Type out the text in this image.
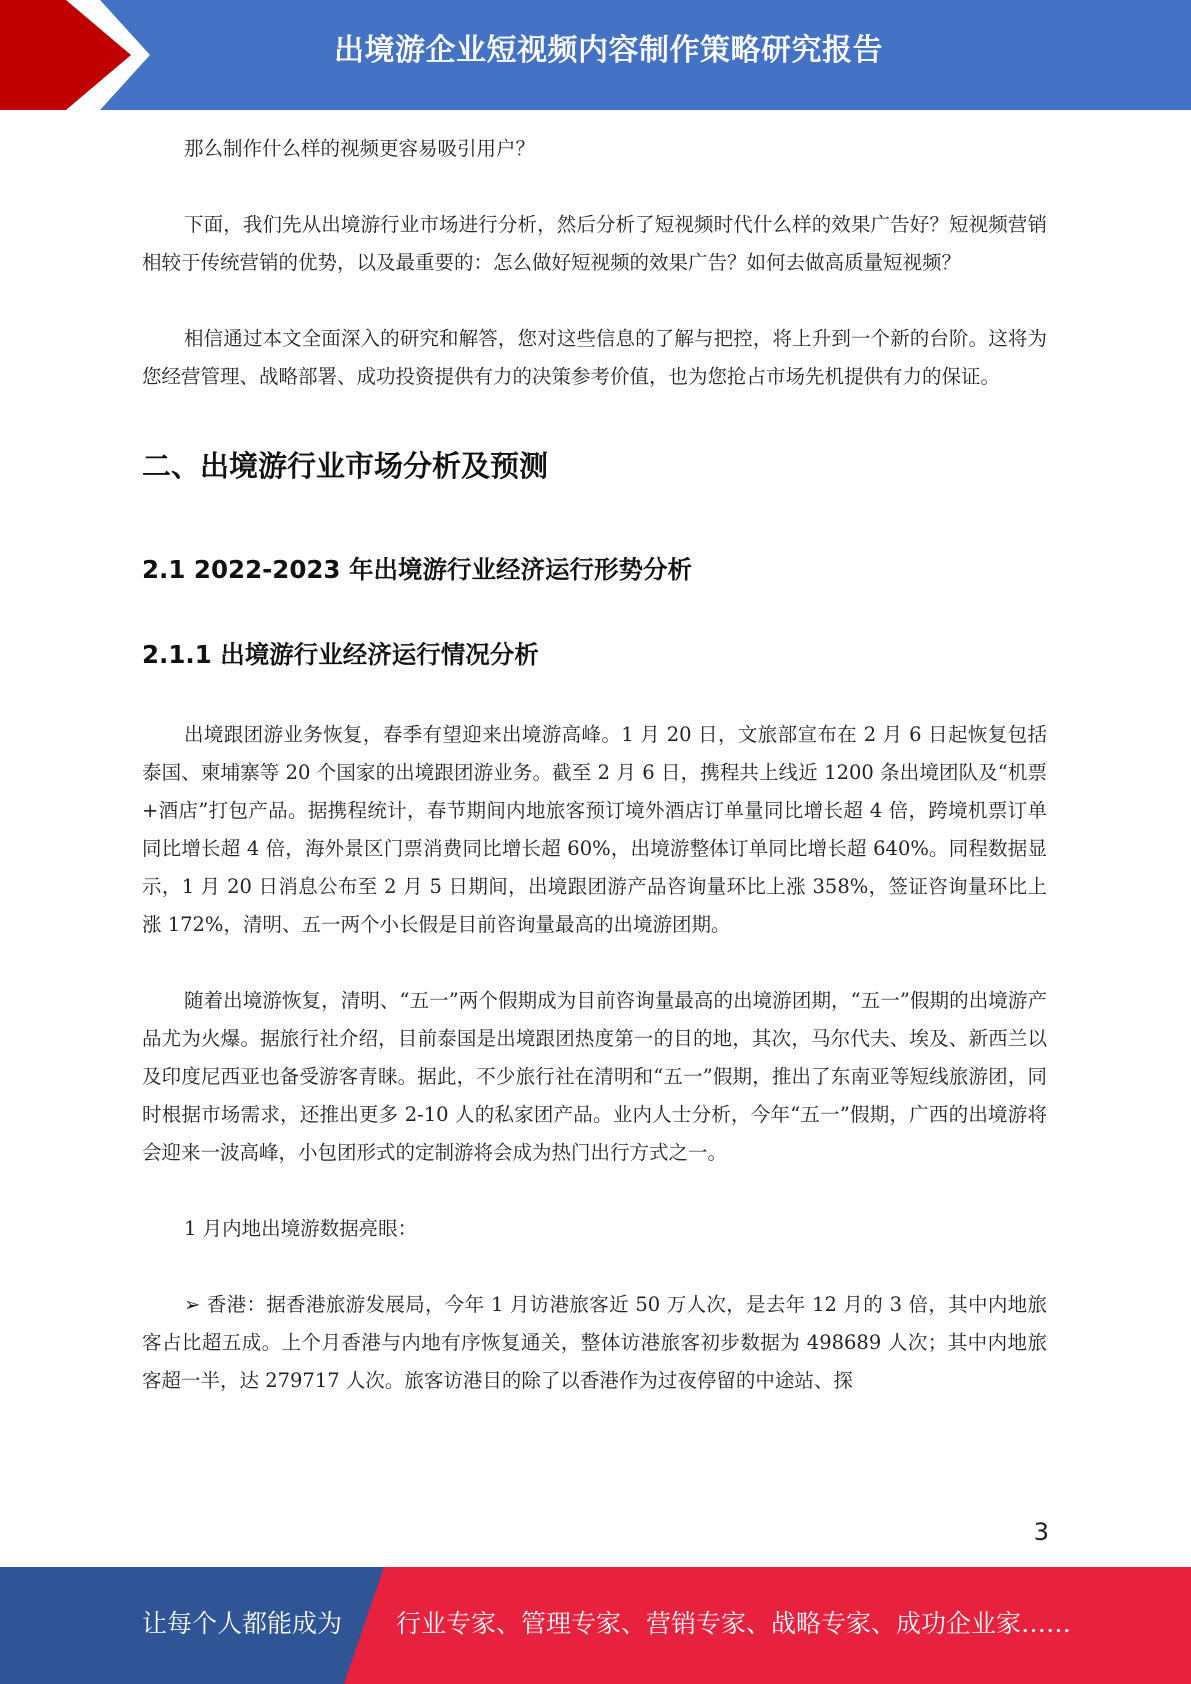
出境游企业短视频内容制作策略研究报告

那么制作什么样的视频更容易吸引用户？

下面，我们先从出境游行业市场进行分析，然后分析了短视频时代什么样的效果广告好？短视频营销相较于传统营销的优势，以及最重要的：怎么做好短视频的效果广告？如何去做高质量短视频？

相信通过本文全面深入的研究和解答，您对这些信息的了解与把控，将上升到一个新的台阶。这将为您经营管理、战略部署、成功投资提供有力的决策参考价值，也为您抢占市场先机提供有力的保证。

二、出境游行业市场分析及预测
2.1 2022-2023 年出境游行业经济运行形势分析
2.1.1 出境游行业经济运行情况分析

出境跟团游业务恢复，春季有望迎来出境游高峰。1 月 20 日，文旅部宣布在 2 月 6 日起恢复包括泰国、柬埔寨等 20 个国家的出境跟团游业务。截至 2 月 6 日，携程共上线近 1200 条出境团队及“机票+酒店”打包产品。据携程统计，春节期间内地旅客预订境外酒店订单量同比增长超 4 倍，跨境机票订单同比增长超 4 倍，海外景区门票消费同比增长超 60%，出境游整体订单同比增长超 640%。同程数据显示，1 月 20 日消息公布至 2 月 5 日期间，出境跟团游产品咨询量环比上涨 358%，签证咨询量环比上涨 172%，清明、五一两个小长假是目前咨询量最高的出境游团期。

随着出境游恢复，清明、“五一”两个假期成为目前咨询量最高的出境游团期，“五一”假期的出境游产品尤为火爆。据旅行社介绍，目前泰国是出境跟团热度第一的目的地，其次，马尔代夫、埃及、新西兰以及印度尼西亚也备受游客青睐。据此，不少旅行社在清明和“五一”假期，推出了东南亚等短线旅游团，同时根据市场需求，还推出更多 2-10 人的私家团产品。业内人士分析，今年“五一”假期，广西的出境游将会迎来一波高峰，小包团形式的定制游将会成为热门出行方式之一。

1 月内地出境游数据亮眼：

➢ 香港：据香港旅游发展局，今年 1 月访港旅客近 50 万人次，是去年 12 月的 3 倍，其中内地旅客占比超五成。上个月香港与内地有序恢复通关，整体访港旅客初步数据为 498689 人次；其中内地旅客超一半，达 279717 人次。旅客访港目的除了以香港作为过夜停留的中途站、探

3
让每个人都能成为 行业专家、管理专家、营销专家、战略专家、成功企业家……
